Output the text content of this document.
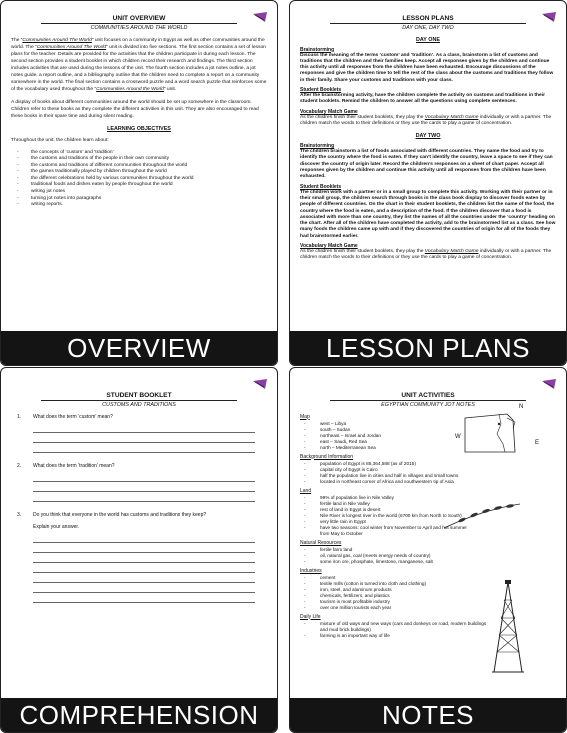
UNIT OVERVIEW
COMMUNITIES AROUND THE WORLD
The “Communities Around The World” unit focuses on a community in Egypt as well as other communities around the world. The “Communities Around The World” unit is divided into five sections. The first section contains a set of lesson plans for the teacher. Details are provided for the activities that the children participate in during each lesson. The second section provides a student booklet in which children record their research and findings. The third section includes activities that are used during the lessons of the unit. The fourth section includes a jot notes outline, a jot notes guide, a report outline, and a bibliography outline that the children need to complete a report on a community somewhere in the world. The final section contains a crossword puzzle and a word search puzzle that reinforces some of the vocabulary used throughout the “Communities Around the World” unit.
A display of books about different communities around the world should be set up somewhere in the classroom. Children refer to these books as they complete the different activities in this unit. They are also encouraged to read these books in their spare time and during silent reading.
LEARNING OBJECTIVES
Throughout the unit, the children learn about:
-	the concepts of ‘custom’ and ‘tradition’
-	the customs and traditions of the people in their own community
-	the customs and traditions of different communities throughout the world
-	the games traditionally played by children throughout the world
-	the different celebrations held by various communities throughout the world
-	traditional foods and dishes eaten by people throughout the world
-	writing jot notes
-	turning jot notes into paragraphs
-	writing reports.
OVERVIEW
LESSON PLANS
DAY ONE, DAY TWO
DAY ONE
Brainstorming
Discuss the meaning of the terms ‘custom’ and ‘tradition’. As a class, brainstorm a list of customs and traditions that the children and their families keep. Accept all responses given by the children and continue this activity until all responses from the children have been exhausted. Encourage discussions of the responses and give the children time to tell the rest of the class about the customs and traditions they follow in their family. Share your customs and traditions with your class.
Student Booklets
After the brainstorming activity, have the children complete the activity on customs and traditions in their student booklets. Remind the children to answer all the questions using complete sentences.
Vocabulary Match Game
As the children finish their student booklets, they play the Vocabulary Match Game individually or with a partner. The children match the words to their definitions or they use the cards to play a game of concentration.
DAY TWO
Brainstorming
The children brainstorm a list of foods associated with different countries. They name the food and try to identify the country where the food is eaten. If they can’t identify the country, leave a space to see if they can discover the country of origin later. Record the children’s responses on a sheet of chart paper. Accept all responses given by the children and continue this activity until all responses from the children have been exhausted.
Student Booklets
The children work with a partner or in a small group to complete this activity. Working with their partner or in their small group, the children search through books in the class book display to discover foods eaten by people of different countries. On the chart in their student booklets, the children list the name of the food, the country where the food is eaten, and a description of the food. If the children discover that a food is associated with more than one country, they list the names of all the countries under the ‘country’ heading on the chart. After all of the children have completed the activity, add to the brainstormed list as a class. See how many foods the children came up with and if they discovered the countries of origin for all of the foods they had brainstormed earlier.
Vocabulary Match Game
As the children finish their student booklets, they play the Vocabulary Match Game individually or with a partner. The children match the words to their definitions or they use the cards to play a game of concentration.
LESSON PLANS
STUDENT BOOKLET
CUSTOMS AND TRADITIONS
1.	What does the term ‘custom’ mean?
2.	What does the term ‘tradition’ mean?
3.	Do you think that everyone in the world has customs and traditions they keep?
Explain your answer.
COMPREHENSION
UNIT ACTIVITIES
EGYPTIAN COMMUNITY JOT NOTES	N
W
E
Map
-	west – Libya
-	south – Sudan
-	northeast – Israel and Jordan
-	east – Saudi, Red Sea
-	north – Mediterranean Sea
Background Information
-	population of Egypt is 85,364,588 (as of 2015)
-	capital city of Egypt is Cairo
-	half the population live in cities and half in villages and small towns
-	located in northeast corner of Africa and southwestern tip of Asia
Land
-	99% of population live in Nile Valley
-	fertile land in Nile Valley
-	rest of land in Egypt is desert
-	Nile River is longest river in the world (6700 km from North to South)
-	very little rain in Egypt
-	have two seasons: cool winter from November to April and hot summer from May to October
Natural Resources
-	fertile farm land
-	oil, natural gas, coal (meets energy needs of country)
-	some iron ore, phosphate, limestone, manganese, salt
Industries
-	cement
-	textile mills (cotton is turned into cloth and clothing)
-	iron, steel, and aluminum products
-	chemicals, fertilizers, and plastics
-	tourism is most profitable industry
-	over one million tourists each year
Daily Life
-	mixture of old ways and new ways (cars and donkeys on road, modern buildings and mud brick buildings)
-	farming is an important way of life
NOTES
